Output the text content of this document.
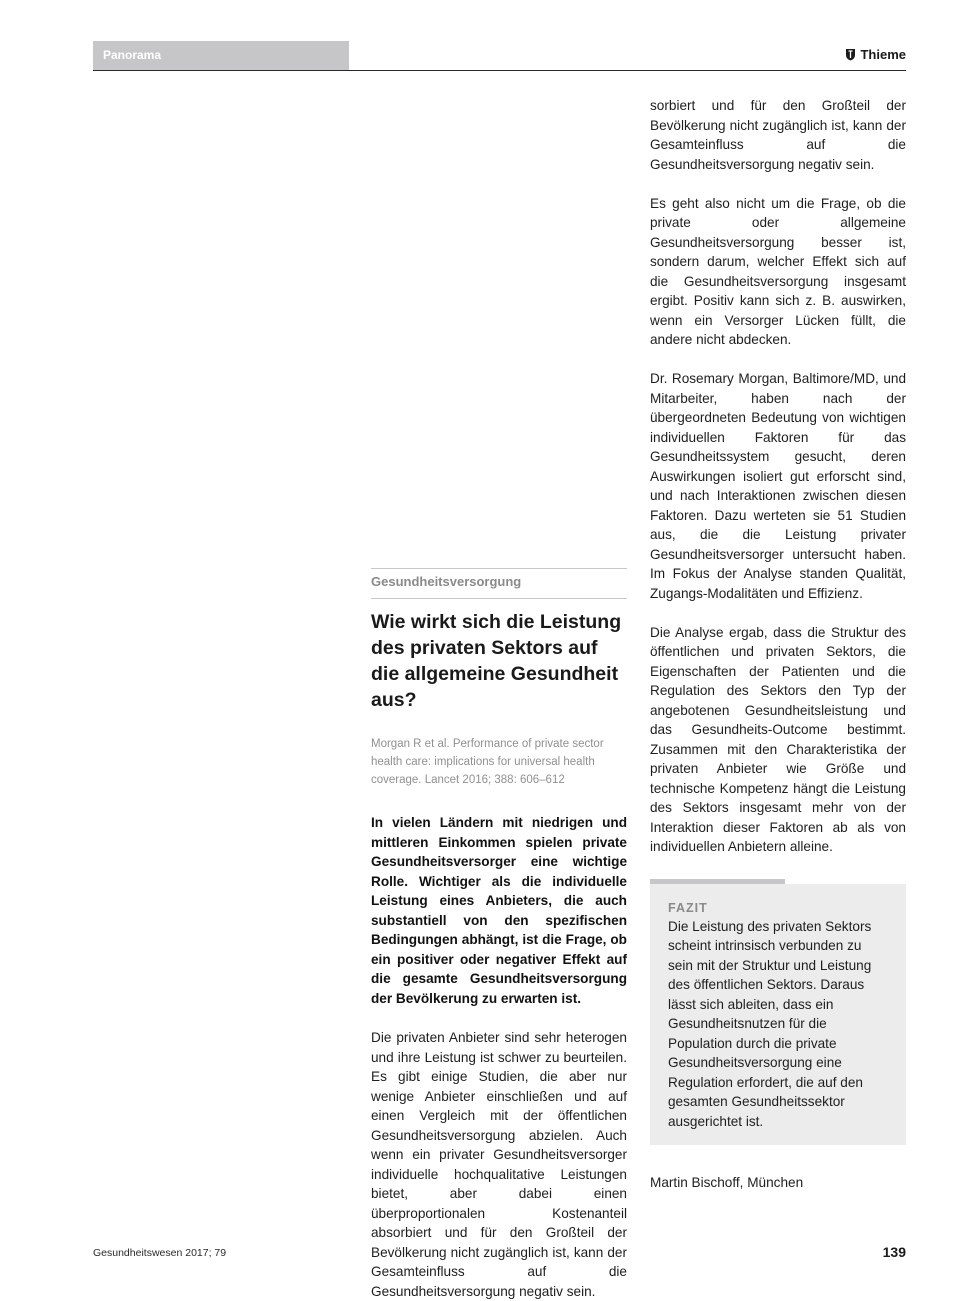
Panorama	Thieme
Gesundheitsversorgung
Wie wirkt sich die Leistung des privaten Sektors auf die allgemeine Gesundheit aus?
Morgan R et al. Performance of private sector health care: implications for universal health coverage. Lancet 2016; 388: 606–612

In vielen Ländern mit niedrigen und mittleren Einkommen spielen private Gesundheitsversorger eine wichtige Rolle. Wichtiger als die individuelle Leistung eines Anbieters, die auch substantiell von den spezifischen Bedingungen abhängt, ist die Frage, ob ein positiver oder negativer Effekt auf die gesamte Gesundheitsversorgung der Bevölkerung zu erwarten ist.

Die privaten Anbieter sind sehr heterogen und ihre Leistung ist schwer zu beurteilen. Es gibt einige Studien, die aber nur wenige Anbieter einschließen und auf einen Vergleich mit der öffentlichen Gesundheitsversorgung abzielen. Auch wenn ein privater Gesundheitsversorger individuelle hochqualitative Leistungen bietet, aber dabei einen überproportionalen Kostenanteil absorbiert und für den Großteil der Bevölkerung nicht zugänglich ist, kann der Gesamteinfluss auf die Gesundheitsversorgung negativ sein.

sorbiert und für den Großteil der Bevölkerung nicht zugänglich ist, kann der Gesamteinfluss auf die Gesundheitsversorgung negativ sein.

Es geht also nicht um die Frage, ob die private oder allgemeine Gesundheitsversorgung besser ist, sondern darum, welcher Effekt sich auf die Gesundheitsversorgung insgesamt ergibt. Positiv kann sich z. B. auswirken, wenn ein Versorger Lücken füllt, die andere nicht abdecken.

Dr. Rosemary Morgan, Baltimore/MD, und Mitarbeiter, haben nach der übergeordneten Bedeutung von wichtigen individuellen Faktoren für das Gesundheitssystem gesucht, deren Auswirkungen isoliert gut erforscht sind, und nach Interaktionen zwischen diesen Faktoren. Dazu werteten sie 51 Studien aus, die die Leistung privater Gesundheitsversorger untersucht haben. Im Fokus der Analyse standen Qualität, Zugangs-Modalitäten und Effizienz.

Die Analyse ergab, dass die Struktur des öffentlichen und privaten Sektors, die Eigenschaften der Patienten und die Regulation des Sektors den Typ der angebotenen Gesundheitsleistung und das Gesundheits-Outcome bestimmt. Zusammen mit den Charakteristika der privaten Anbieter wie Größe und technische Kompetenz hängt die Leistung des Sektors insgesamt mehr von der Interaktion dieser Faktoren ab als von individuellen Anbietern alleine.

FAZIT
Die Leistung des privaten Sektors scheint intrinsisch verbunden zu sein mit der Struktur und Leistung des öffentlichen Sektors. Daraus lässt sich ableiten, dass ein Gesundheitsnutzen für die Population durch die private Gesundheitsversorgung eine Regulation erfordert, die auf den gesamten Gesundheitssektor ausgerichtet ist.
Martin Bischoff, München
Gesundheitswesen 2017; 79	139
